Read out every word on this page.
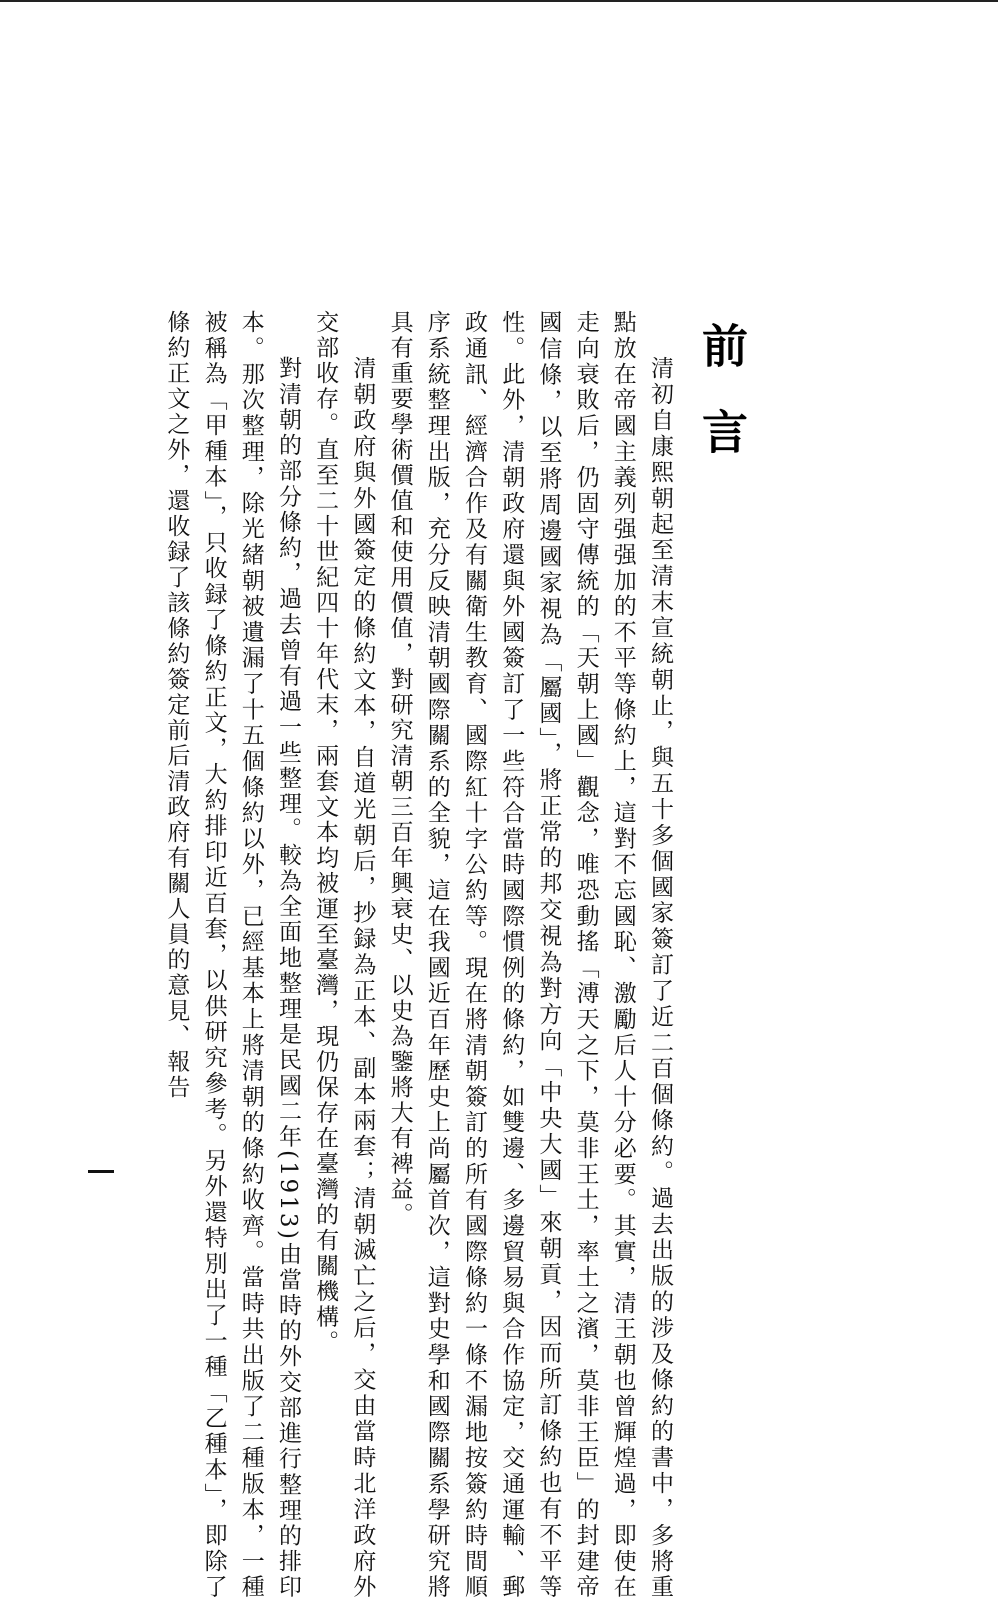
前言

清初自康熙朝起至清末宣統朝止，與五十多個國家簽訂了近二百個條約。過去出版的涉及條約的書中，多將重點放在帝國主義列强强加的不平等條約上，這對不忘國恥、激勵后人十分必要。其實，清王朝也曾輝煌過，即使在走向衰敗后，仍固守傳統的「天朝上國」觀念，唯恐動搖「溥天之下，莫非王土，率土之濱，莫非王臣」的封建帝國信條，以至將周邊國家視為「屬國」，將正常的邦交視為對方向「中央大國」來朝貢，因而所訂條約也有不平等性。此外，清朝政府還與外國簽訂了一些符合當時國際慣例的條約，如雙邊、多邊貿易與合作協定，交通運輸、郵政通訊、經濟合作及有關衛生教育、國際紅十字公約等。現在將清朝簽訂的所有國際條約一條不漏地按簽約時間順序系統整理出版，充分反映清朝國際關系的全貌，這在我國近百年歷史上尚屬首次，這對史學和國際關系學研究將具有重要學術價值和使用價值，對研究清朝三百年興衰史、以史為鑒將大有裨益。

清朝政府與外國簽定的條約文本，自道光朝后，抄録為正本、副本兩套；清朝滅亡之后，交由當時北洋政府外交部收存。直至二十世紀四十年代末，兩套文本均被運至臺灣，現仍保存在臺灣的有關機構。

對清朝的部分條約，過去曾有過一些整理。較為全面地整理是民國二年(1913)由當時的外交部進行整理的排印本。那次整理，除光緒朝被遺漏了十五個條約以外，已經基本上將清朝的條約收齊。當時共出版了二種版本，一種被稱為「甲種本」，只收録了條約正文，大約排印近百套，以供研究參考。另外還特別出了一種「乙種本」，即除了條約正文之外，還收録了該條約簽定前后清政府有關人員的意見、報告
